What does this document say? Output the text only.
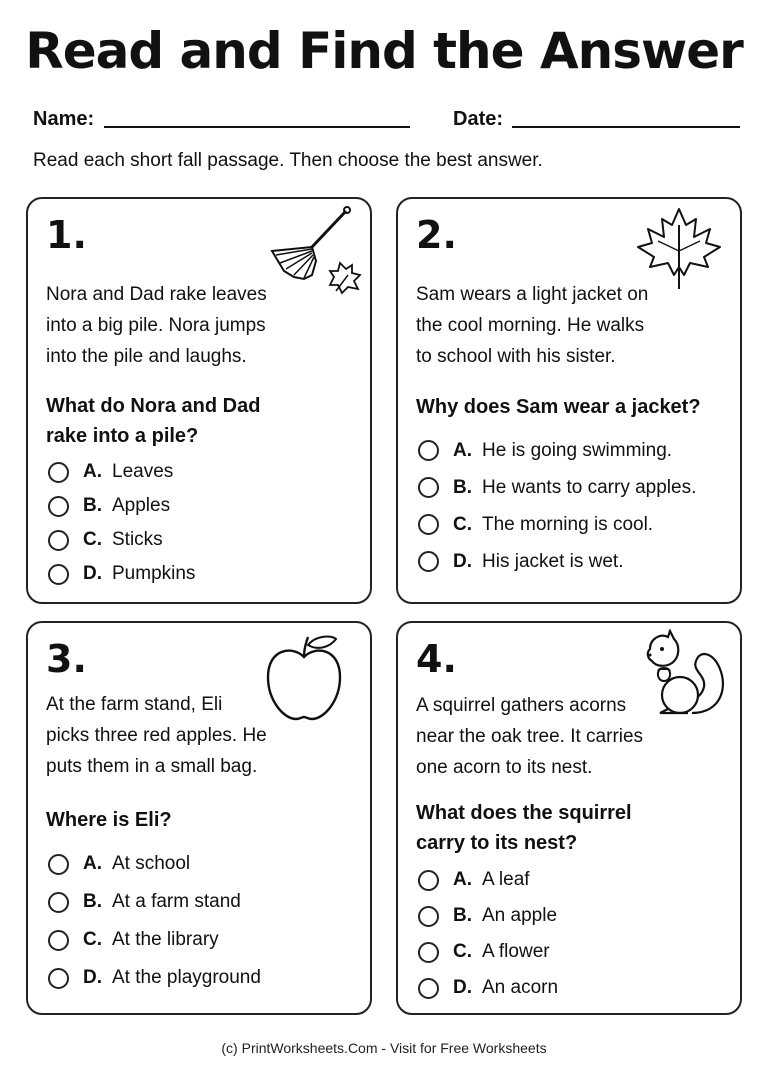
Read and Find the Answer
Name:	Date:
Read each short fall passage. Then choose the best answer.
1.
Nora and Dad rake leaves
into a big pile. Nora jumps
into the pile and laughs.
What do Nora and Dad
rake into a pile?
A. Leaves
B. Apples
C. Sticks
D. Pumpkins
2.
Sam wears a light jacket on
the cool morning. He walks
to school with his sister.
Why does Sam wear a jacket?
A. He is going swimming.
B. He wants to carry apples.
C. The morning is cool.
D. His jacket is wet.
3.
At the farm stand, Eli
picks three red apples. He
puts them in a small bag.
Where is Eli?
A. At school
B. At a farm stand
C. At the library
D. At the playground
4.
A squirrel gathers acorns
near the oak tree. It carries
one acorn to its nest.
What does the squirrel
carry to its nest?
A. A leaf
B. An apple
C. A flower
D. An acorn
(c) PrintWorksheets.Com - Visit for Free Worksheets
